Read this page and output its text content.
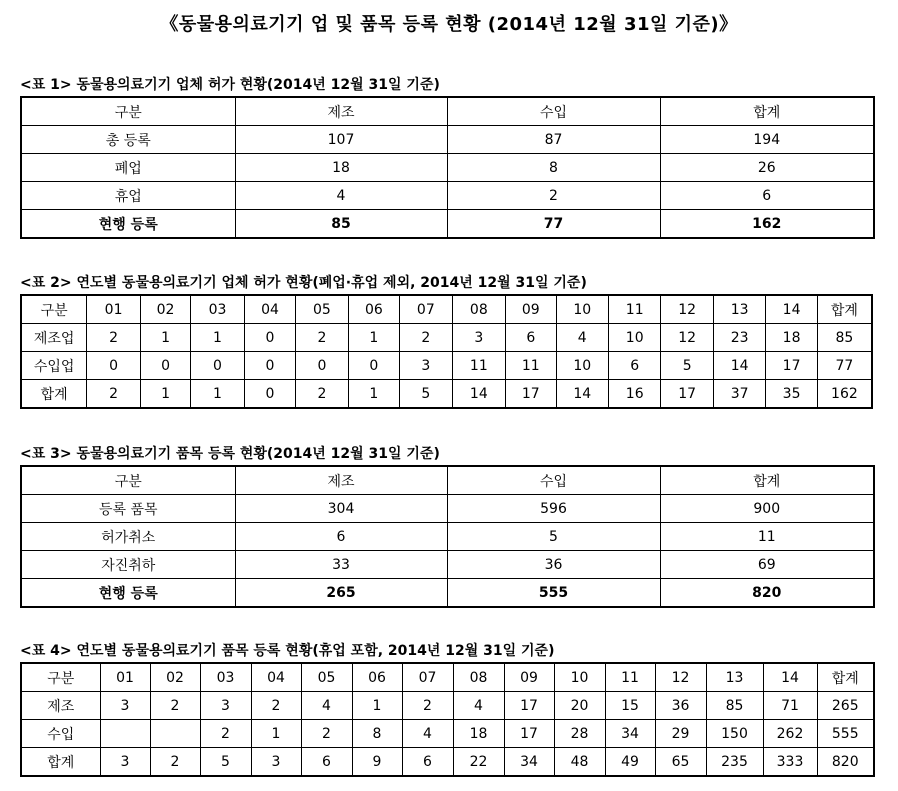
《동물용의료기기 업 및 품목 등록 현황 (2014년 12월 31일 기준)》
<표 1> 동물용의료기기 업체 허가 현황(2014년 12월 31일 기준)
구분	제조	수입	합계
총 등록	107	87	194
폐업	18	8	26
휴업	4	2	6
현행 등록	85	77	162
<표 2> 연도별 동물용의료기기 업체 허가 현황(폐업·휴업 제외, 2014년 12월 31일 기준)
구분	01	02	03	04	05	06	07	08	09	10	11	12	13	14	합계
제조업	2	1	1	0	2	1	2	3	6	4	10	12	23	18	85
수입업	0	0	0	0	0	0	3	11	11	10	6	5	14	17	77
합계	2	1	1	0	2	1	5	14	17	14	16	17	37	35	162
<표 3> 동물용의료기기 품목 등록 현황(2014년 12월 31일 기준)
구분	제조	수입	합계
등록 품목	304	596	900
허가취소	6	5	11
자진취하	33	36	69
현행 등록	265	555	820
<표 4> 연도별 동물용의료기기 품목 등록 현황(휴업 포함, 2014년 12월 31일 기준)
구분	01	02	03	04	05	06	07	08	09	10	11	12	13	14	합계
제조	3	2	3	2	4	1	2	4	17	20	15	36	85	71	265
수입			2	1	2	8	4	18	17	28	34	29	150	262	555
합계	3	2	5	3	6	9	6	22	34	48	49	65	235	333	820
